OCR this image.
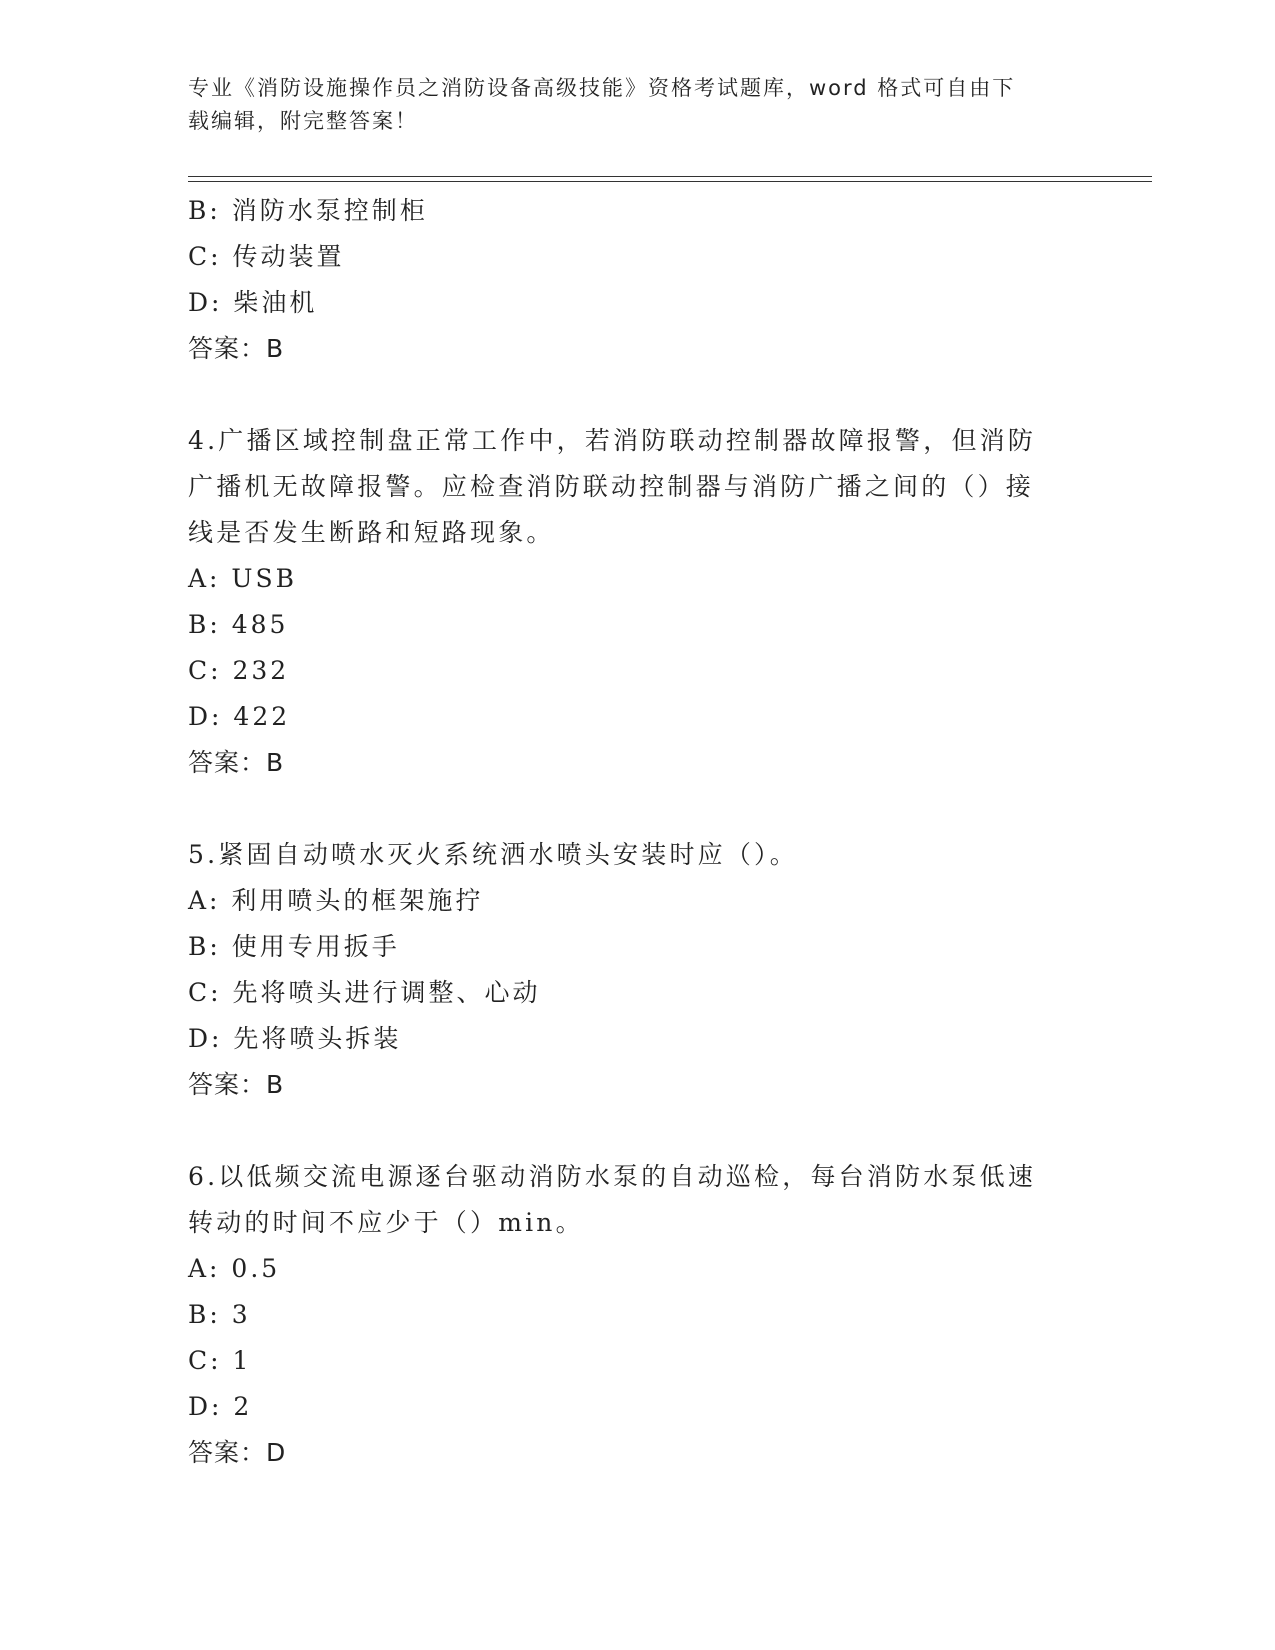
专业《消防设施操作员之消防设备高级技能》资格考试题库，word 格式可自由下
载编辑，附完整答案！
B: 消防水泵控制柜
C: 传动装置
D: 柴油机
答案：B
4.广播区域控制盘正常工作中，若消防联动控制器故障报警，但消防
广播机无故障报警。应检查消防联动控制器与消防广播之间的（）接
线是否发生断路和短路现象。
A: USB
B: 485
C: 232
D: 422
答案：B
5.紧固自动喷水灭火系统洒水喷头安装时应（）。
A: 利用喷头的框架施拧
B: 使用专用扳手
C: 先将喷头进行调整、心动
D: 先将喷头拆装
答案：B
6.以低频交流电源逐台驱动消防水泵的自动巡检，每台消防水泵低速
转动的时间不应少于（）min。
A: 0.5
B: 3
C: 1
D: 2
答案：D
